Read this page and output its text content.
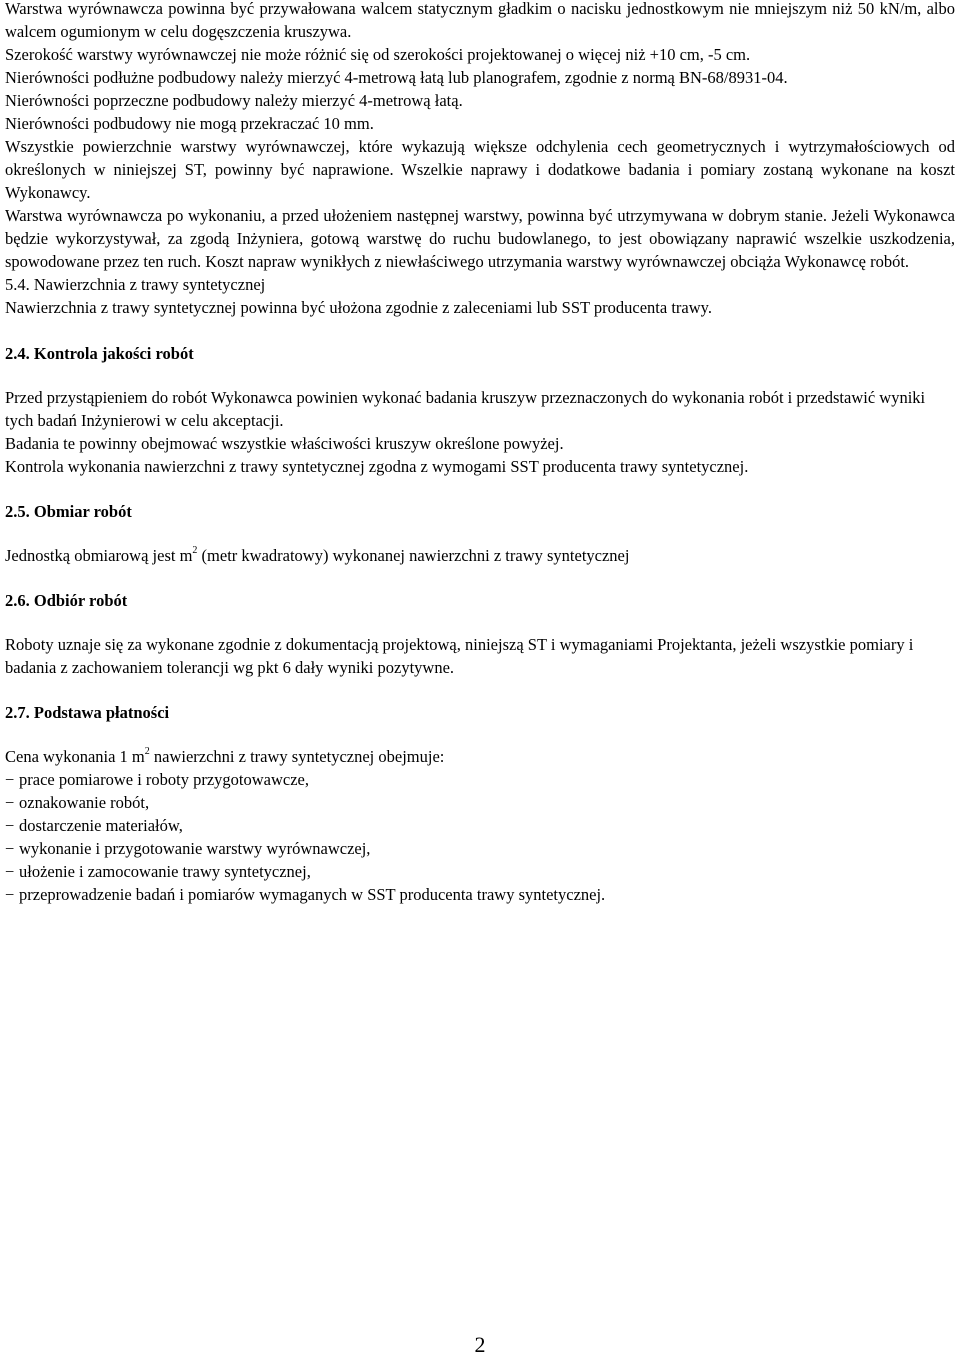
Warstwa wyrównawcza powinna być przywałowana walcem statycznym gładkim o nacisku jednostkowym nie mniejszym niż 50 kN/m, albo walcem ogumionym w celu dogęszczenia kruszywa.

Szerokość warstwy wyrównawczej nie może różnić się od szerokości projektowanej o więcej niż +10 cm, -5 cm.

Nierówności podłużne podbudowy należy mierzyć 4-metrową łatą lub planografem, zgodnie z normą BN-68/8931-04.

Nierówności poprzeczne podbudowy należy mierzyć 4-metrową łatą.

Nierówności podbudowy nie mogą przekraczać 10 mm.

Wszystkie powierzchnie warstwy wyrównawczej, które wykazują większe odchylenia cech geometrycznych i wytrzymałościowych od określonych w niniejszej ST, powinny być naprawione. Wszelkie naprawy i dodatkowe badania i pomiary zostaną wykonane na koszt Wykonawcy.

Warstwa wyrównawcza po wykonaniu, a przed ułożeniem następnej warstwy, powinna być utrzymywana w dobrym stanie. Jeżeli Wykonawca będzie wykorzystywał, za zgodą Inżyniera, gotową warstwę do ruchu budowlanego, to jest obowiązany naprawić wszelkie uszkodzenia, spowodowane przez ten ruch. Koszt napraw wynikłych z niewłaściwego utrzymania warstwy wyrównawczej obciąża Wykonawcę robót.

5.4. Nawierzchnia z trawy syntetycznej

Nawierzchnia z trawy syntetycznej powinna być ułożona zgodnie z zaleceniami lub SST producenta trawy.

2.4. Kontrola jakości robót

Przed przystąpieniem do robót Wykonawca powinien wykonać badania kruszyw przeznaczonych do wykonania robót i przedstawić wyniki tych badań Inżynierowi w celu akceptacji.

Badania te powinny obejmować wszystkie właściwości kruszyw określone powyżej.

Kontrola wykonania nawierzchni z trawy syntetycznej zgodna z wymogami SST producenta trawy syntetycznej.

2.5. Obmiar robót

Jednostką obmiarową jest $m^2$ (metr kwadratowy) wykonanej nawierzchni z trawy syntetycznej

2.6. Odbiór robót

Roboty uznaje się za wykonane zgodnie z dokumentacją projektową, niniejszą ST i wymaganiami Projektanta, jeżeli wszystkie pomiary i badania z zachowaniem tolerancji wg pkt 6 dały wyniki pozytywne.

2.7. Podstawa płatności

Cena wykonania 1 $m^2$ nawierzchni z trawy syntetycznej obejmuje:

− prace pomiarowe i roboty przygotowawcze,
− oznakowanie robót,
− dostarczenie materiałów,
− wykonanie i przygotowanie warstwy wyrównawczej,
− ułożenie i zamocowanie trawy syntetycznej,
− przeprowadzenie badań i pomiarów wymaganych w SST producenta trawy syntetycznej.
2
